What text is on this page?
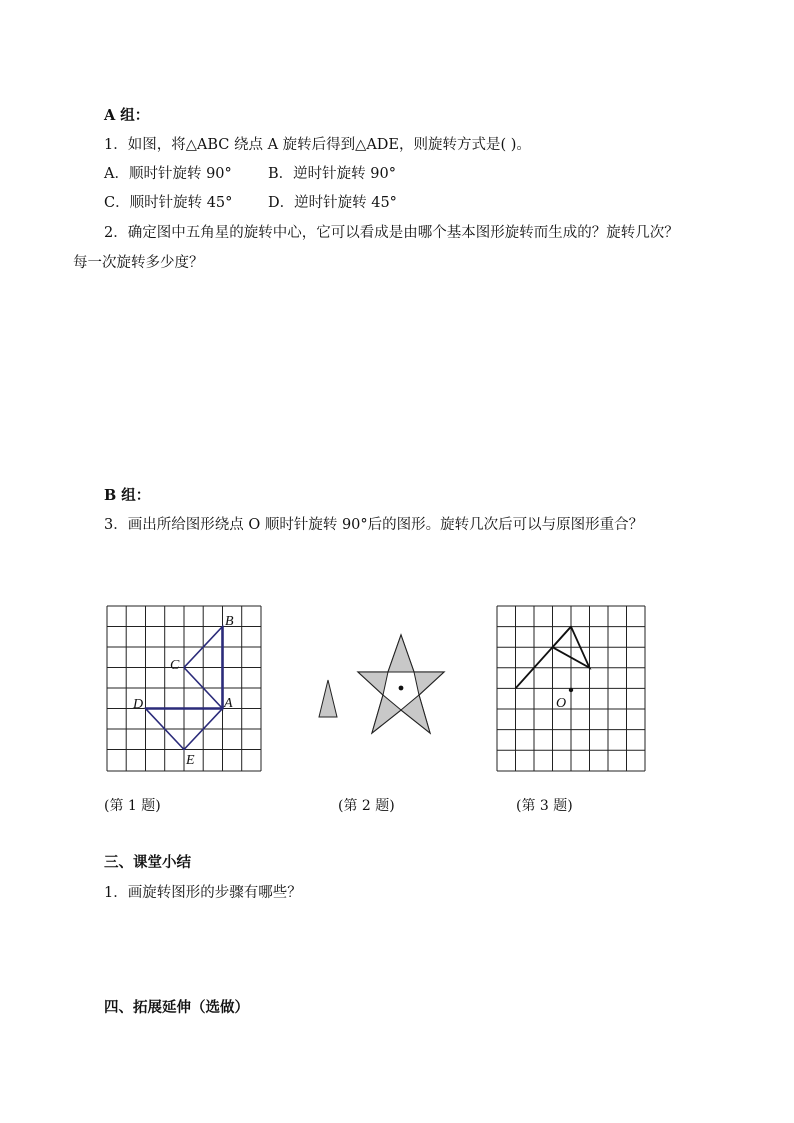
A 组：
1．如图，将△ABC 绕点 A 旋转后得到△ADE，则旋转方式是( )。
A．顺时针旋转 90° B．逆时针旋转 90°
C．顺时针旋转 45° D．逆时针旋转 45°
2．确定图中五角星的旋转中心，它可以看成是由哪个基本图形旋转而生成的？旋转几次？
每一次旋转多少度？
B 组：
3．画出所给图形绕点 O 顺时针旋转 90°后的图形。旋转几次后可以与原图形重合？
B
C
D	A
E
O
(第 1 题)	(第 2 题)	(第 3 题)
三、课堂小结
1．画旋转图形的步骤有哪些？
四、拓展延伸（选做）
